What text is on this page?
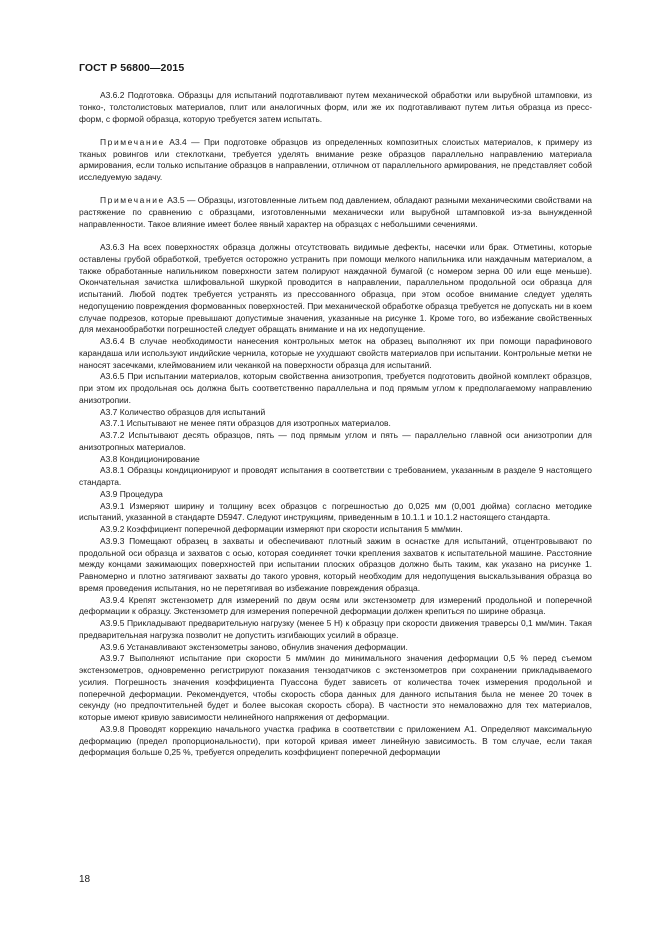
ГОСТ Р 56800—2015

А3.6.2 Подготовка. Образцы для испытаний подготавливают путем механической обработки или вырубной штамповки, из тонко-, толстолистовых материалов, плит или аналогичных форм, или же их подготавливают путем литья образца из пресс-форм, с формой образца, которую требуется затем испытать.

Примечание А3.4 — При подготовке образцов из определенных композитных слоистых материалов, к примеру из тканых ровингов или стеклоткани, требуется уделять внимание резке образцов параллельно направлению материала армирования, если только испытание образцов в направлении, отличном от параллельного армирования, не представляет собой исследуемую задачу.

Примечание А3.5 — Образцы, изготовленные литьем под давлением, обладают разными механическими свойствами на растяжение по сравнению с образцами, изготовленными механически или вырубной штамповкой из-за вынужденной направленности. Такое влияние имеет более явный характер на образцах с небольшими сечениями.

А3.6.3 На всех поверхностях образца должны отсутствовать видимые дефекты, насечки или брак. Отметины, которые оставлены грубой обработкой, требуется осторожно устранить при помощи мелкого напильника или наждачным материалом, а также обработанные напильником поверхности затем полируют наждачной бумагой (с номером зерна 00 или еще меньше). Окончательная зачистка шлифовальной шкуркой проводится в направлении, параллельном продольной оси образца для испытаний. Любой подтек требуется устранять из прессованного образца, при этом особое внимание следует уделять недопущению повреждения формованных поверхностей. При механической обработке образца требуется не допускать ни в коем случае подрезов, которые превышают допустимые значения, указанные на рисунке 1. Кроме того, во избежание свойственных для механообработки погрешностей следует обращать внимание и на их недопущение.

А3.6.4 В случае необходимости нанесения контрольных меток на образец выполняют их при помощи парафинового карандаша или используют индийские чернила, которые не ухудшают свойств материалов при испытании. Контрольные метки не наносят засечками, клеймованием или чеканкой на поверхности образца для испытаний.

А3.6.5 При испытании материалов, которым свойственна анизотропия, требуется подготовить двойной комплект образцов, при этом их продольная ось должна быть соответственно параллельна и под прямым углом к предполагаемому направлению анизотропии.

А3.7 Количество образцов для испытаний

А3.7.1 Испытывают не менее пяти образцов для изотропных материалов.

А3.7.2 Испытывают десять образцов, пять — под прямым углом и пять — параллельно главной оси анизотропии для анизотропных материалов.

А3.8 Кондиционирование

А3.8.1 Образцы кондиционируют и проводят испытания в соответствии с требованием, указанным в разделе 9 настоящего стандарта.

А3.9 Процедура

А3.9.1 Измеряют ширину и толщину всех образцов с погрешностью до 0,025 мм (0,001 дюйма) согласно методике испытаний, указанной в стандарте D5947. Следуют инструкциям, приведенным в 10.1.1 и 10.1.2 настоящего стандарта.

А3.9.2 Коэффициент поперечной деформации измеряют при скорости испытания 5 мм/мин.

А3.9.3 Помещают образец в захваты и обеспечивают плотный зажим в оснастке для испытаний, отцентровывают по продольной оси образца и захватов с осью, которая соединяет точки крепления захватов к испытательной машине. Расстояние между концами зажимающих поверхностей при испытании плоских образцов должно быть таким, как указано на рисунке 1. Равномерно и плотно затягивают захваты до такого уровня, который необходим для недопущения выскальзывания образца во время проведения испытания, но не перетягивая во избежание повреждения образца.

А3.9.4 Крепят экстензометр для измерений по двум осям или экстензометр для измерений продольной и поперечной деформации к образцу. Экстензометр для измерения поперечной деформации должен крепиться по ширине образца.

А3.9.5 Прикладывают предварительную нагрузку (менее 5 Н) к образцу при скорости движения траверсы 0,1 мм/мин. Такая предварительная нагрузка позволит не допустить изгибающих усилий в образце.

А3.9.6 Устанавливают экстензометры заново, обнулив значения деформации.

А3.9.7 Выполняют испытание при скорости 5 мм/мин до минимального значения деформации 0,5 % перед съемом экстензометров, одновременно регистрируют показания тензодатчиков с экстензометров при сохранении прикладываемого усилия. Погрешность значения коэффициента Пуассона будет зависеть от количества точек измерения продольной и поперечной деформации. Рекомендуется, чтобы скорость сбора данных для данного испытания была не менее 20 точек в секунду (но предпочтительней будет и более высокая скорость сбора). В частности это немаловажно для тех материалов, которые имеют кривую зависимости нелинейного напряжения от деформации.

А3.9.8 Проводят коррекцию начального участка графика в соответствии с приложением А1. Определяют максимальную деформацию (предел пропорциональности), при которой кривая имеет линейную зависимость. В том случае, если такая деформация больше 0,25 %, требуется определить коэффициент поперечной деформации

18
